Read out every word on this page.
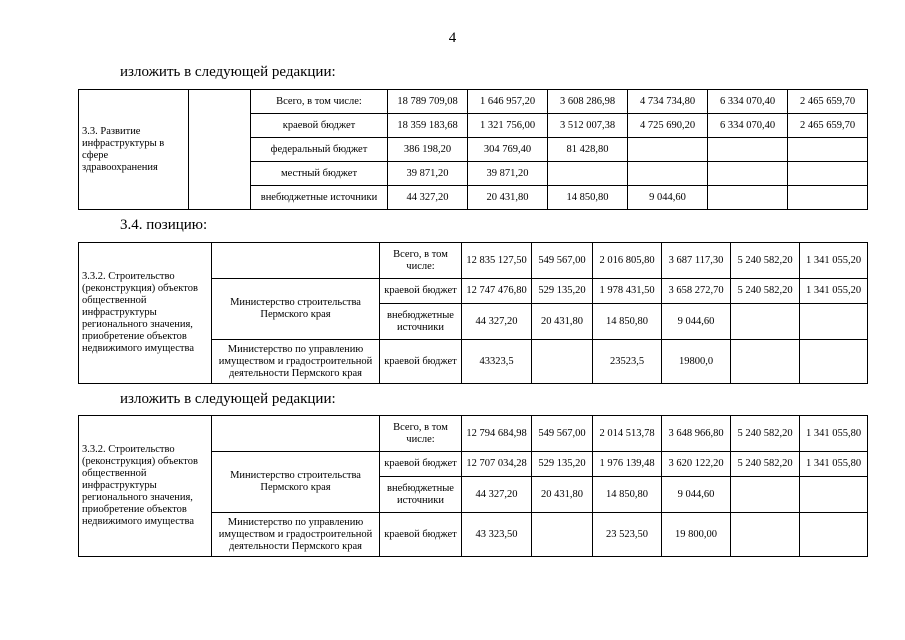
4
изложить в следующей редакции:
3.3. Развитие инфраструктуры в сфере здравоохранения		Всего, в том числе:	18 789 709,08	1 646 957,20	3 608 286,98	4 734 734,80	6 334 070,40	2 465 659,70
		краевой бюджет	18 359 183,68	1 321 756,00	3 512 007,38	4 725 690,20	6 334 070,40	2 465 659,70
		федеральный бюджет	386 198,20	304 769,40	81 428,80			
		местный бюджет	39 871,20	39 871,20				
		внебюджетные источники	44 327,20	20 431,80	14 850,80	9 044,60		
3.4. позицию:
3.3.2. Строительство (реконструкция) объектов общественной инфраструктуры регионального значения, приобретение объектов недвижимого имущества		Всего, в том числе:	12 835 127,50	549 567,00	2 016 805,80	3 687 117,30	5 240 582,20	1 341 055,20
	Министерство строительства Пермского края	краевой бюджет	12 747 476,80	529 135,20	1 978 431,50	3 658 272,70	5 240 582,20	1 341 055,20
		внебюджетные источники	44 327,20	20 431,80	14 850,80	9 044,60		
	Министерство по управлению имуществом и градостроительной деятельности Пермского края	краевой бюджет	43323,5		23523,5	19800,0		
изложить в следующей редакции:
3.3.2. Строительство (реконструкция) объектов общественной инфраструктуры регионального значения, приобретение объектов недвижимого имущества		Всего, в том числе:	12 794 684,98	549 567,00	2 014 513,78	3 648 966,80	5 240 582,20	1 341 055,80
	Министерство строительства Пермского края	краевой бюджет	12 707 034,28	529 135,20	1 976 139,48	3 620 122,20	5 240 582,20	1 341 055,80
		внебюджетные источники	44 327,20	20 431,80	14 850,80	9 044,60		
	Министерство по управлению имуществом и градостроительной деятельности Пермского края	краевой бюджет	43 323,50		23 523,50	19 800,00		
